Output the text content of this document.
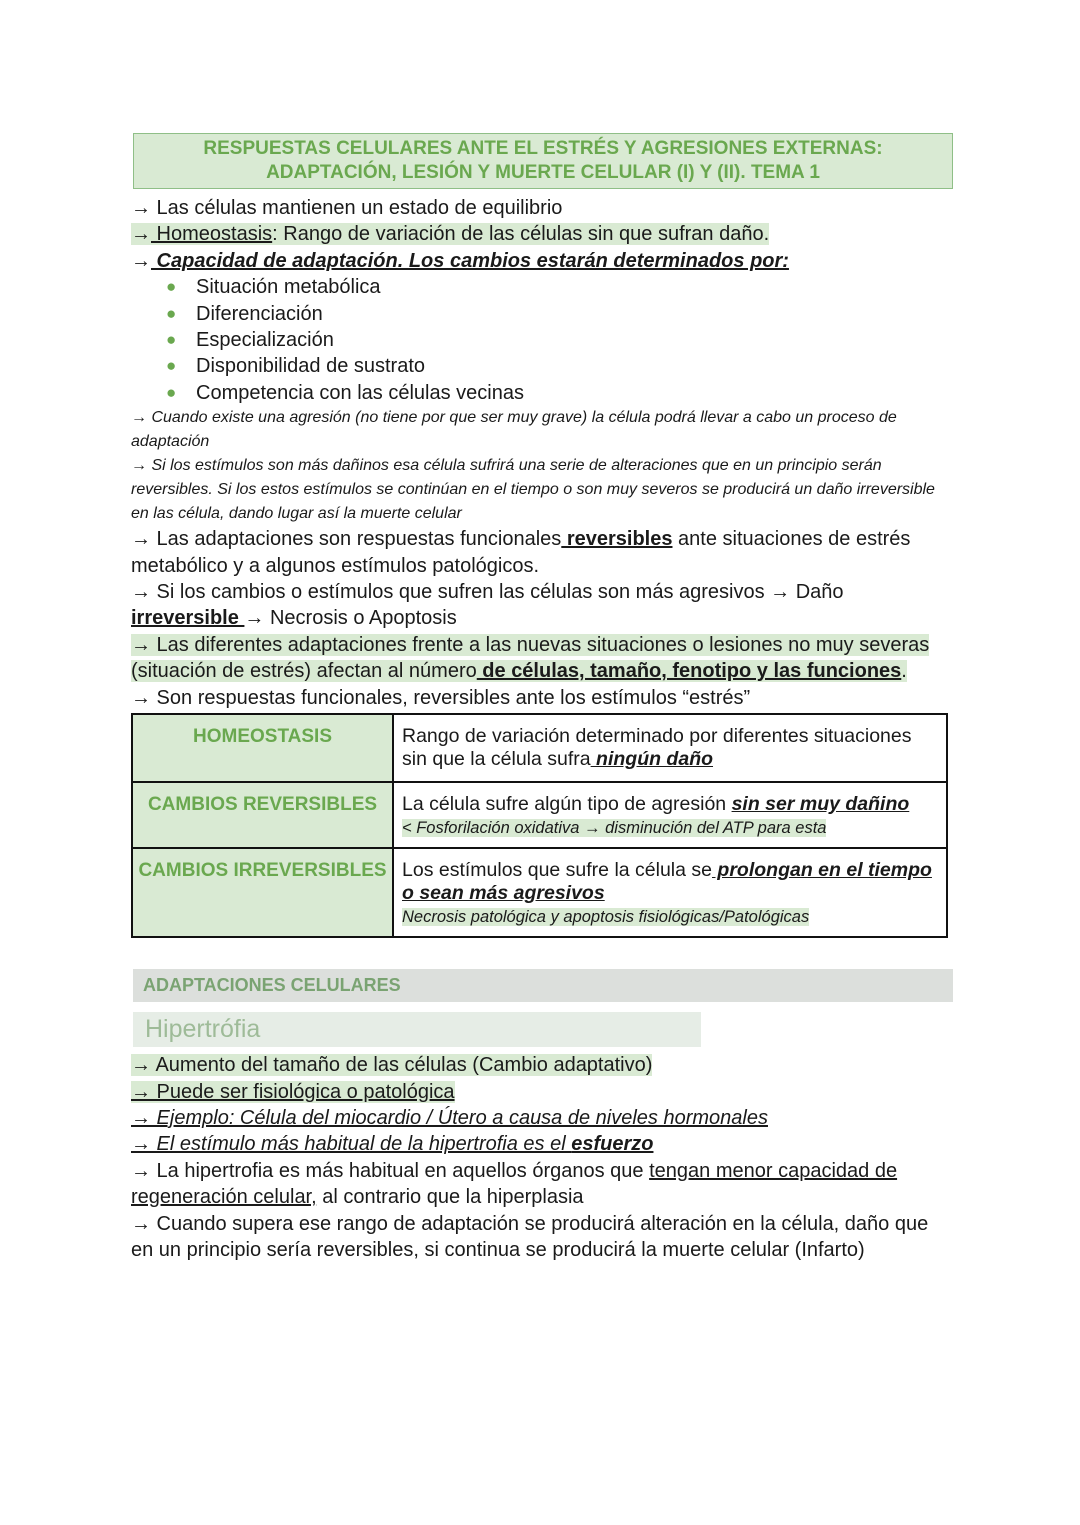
RESPUESTAS CELULARES ANTE EL ESTRÉS Y AGRESIONES EXTERNAS:
ADAPTACIÓN, LESIÓN Y MUERTE CELULAR (I) Y (II). TEMA 1
→ Las células mantienen un estado de equilibrio
→ Homeostasis: Rango de variación de las células sin que sufran daño.
→ Capacidad de adaptación. Los cambios estarán determinados por:
● Situación metabólica
● Diferenciación
● Especialización
● Disponibilidad de sustrato
● Competencia con las células vecinas
→ Cuando existe una agresión (no tiene por que ser muy grave) la célula podrá llevar a cabo un proceso de adaptación
→ Si los estímulos son más dañinos esa célula sufrirá una serie de alteraciones que en un principio serán reversibles. Si los estos estímulos se continúan en el tiempo o son muy severos se producirá un daño irreversible en las célula, dando lugar así la muerte celular
→ Las adaptaciones son respuestas funcionales reversibles ante situaciones de estrés metabólico y a algunos estímulos patológicos.
→ Si los cambios o estímulos que sufren las células son más agresivos → Daño irreversible → Necrosis o Apoptosis
→ Las diferentes adaptaciones frente a las nuevas situaciones o lesiones no muy severas (situación de estrés) afectan al número de células, tamaño, fenotipo y las funciones.
→ Son respuestas funcionales, reversibles ante los estímulos “estrés”
HOMEOSTASIS	Rango de variación determinado por diferentes situaciones sin que la célula sufra ningún daño
CAMBIOS REVERSIBLES	La célula sufre algún tipo de agresión sin ser muy dañino
< Fosforilación oxidativa → disminución del ATP para esta
CAMBIOS IRREVERSIBLES	Los estímulos que sufre la célula se prolongan en el tiempo o sean más agresivos
Necrosis patológica y apoptosis fisiológicas/Patológicas
ADAPTACIONES CELULARES
Hipertrófia
→ Aumento del tamaño de las células (Cambio adaptativo)
→ Puede ser fisiológica o patológica
→ Ejemplo: Célula del miocardio / Útero a causa de niveles hormonales
→ El estímulo más habitual de la hipertrofia es el esfuerzo
→ La hipertrofia es más habitual en aquellos órganos que tengan menor capacidad de regeneración celular, al contrario que la hiperplasia
→ Cuando supera ese rango de adaptación se producirá alteración en la célula, daño que en un principio sería reversibles, si continua se producirá la muerte celular (Infarto)
